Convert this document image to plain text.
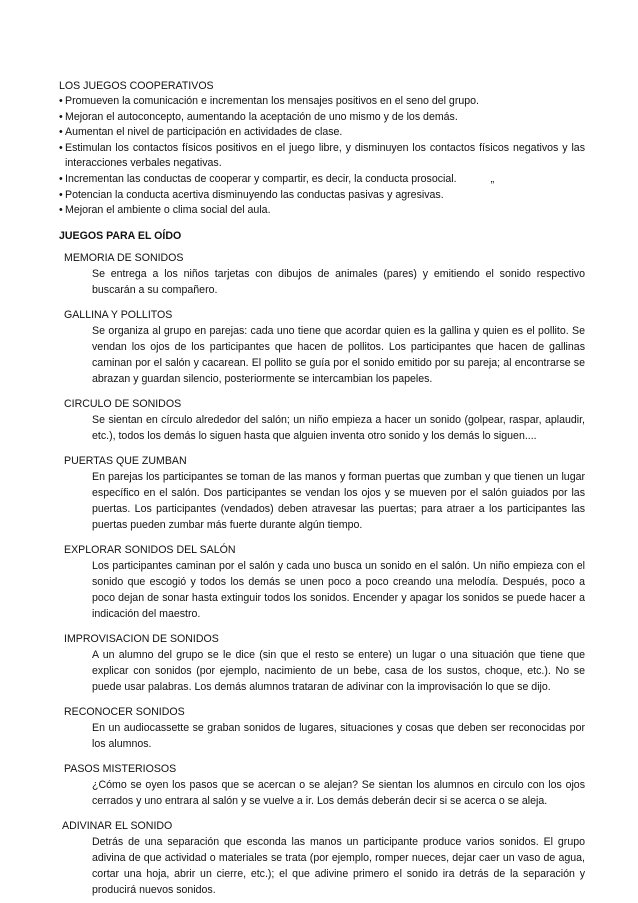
LOS JUEGOS COOPERATIVOS

• Promueven la comunicación e incrementan los mensajes positivos en el seno del grupo.
• Mejoran el autoconcepto, aumentando la aceptación de uno mismo y de los demás.
• Aumentan el nivel de participación en actividades de clase.
• Estimulan los contactos físicos positivos en el juego libre, y disminuyen los contactos físicos negativos y las interacciones verbales negativas.
• Incrementan las conductas de cooperar y compartir, es decir, la conducta prosocial.	„
• Potencian la conducta acertiva disminuyendo las conductas pasivas y agresivas.
• Mejoran el ambiente o clima social del aula.
JUEGOS PARA EL OÍDO

MEMORIA DE SONIDOS

Se entrega a los niños tarjetas con dibujos de animales (pares) y emitiendo el sonido respectivo buscarán a su compañero.

GALLINA Y POLLITOS

Se organiza al grupo en parejas: cada uno tiene que acordar quien es la gallina y quien es el pollito. Se vendan los ojos de los participantes que hacen de pollitos. Los participantes que hacen de gallinas caminan por el salón y cacarean. El pollito se guía por el sonido emitido por su pareja; al encontrarse se abrazan y guardan silencio, posteriormente se intercambian los papeles.

CIRCULO DE SONIDOS

Se sientan en círculo alrededor del salón; un niño empieza a hacer un sonido (golpear, raspar, aplaudir, etc.), todos los demás lo siguen hasta que alguien inventa otro sonido y los demás lo siguen....

PUERTAS QUE ZUMBAN

En parejas los participantes se toman de las manos y forman puertas que zumban y que tienen un lugar específico en el salón. Dos participantes se vendan los ojos y se mueven por el salón guiados por las puertas. Los participantes (vendados) deben atravesar las puertas; para atraer a los participantes las puertas pueden zumbar más fuerte durante algún tiempo.

EXPLORAR SONIDOS DEL SALÓN

Los participantes caminan por el salón y cada uno busca un sonido en el salón. Un niño empieza con el sonido que escogió y todos los demás se unen poco a poco creando una melodía. Después, poco a poco dejan de sonar hasta extinguir todos los sonidos. Encender y apagar los sonidos se puede hacer a indicación del maestro.

IMPROVISACION DE SONIDOS

A un alumno del grupo se le dice (sin que el resto se entere) un lugar o una situación que tiene que explicar con sonidos (por ejemplo, nacimiento de un bebe, casa de los sustos, choque, etc.). No se puede usar palabras. Los demás alumnos trataran de adivinar con la improvisación lo que se dijo.

RECONOCER SONIDOS

En un audiocassette se graban sonidos de lugares, situaciones y cosas que deben ser reconocidas por los alumnos.

PASOS MISTERIOSOS

¿Cómo se oyen los pasos que se acercan o se alejan? Se sientan los alumnos en circulo con los ojos cerrados y uno entrara al salón y se vuelve a ir. Los demás deberán decir si se acerca o se aleja.

ADIVINAR EL SONIDO

Detrás de una separación que esconda las manos un participante produce varios sonidos. El grupo adivina de que actividad o materiales se trata (por ejemplo, romper nueces, dejar caer un vaso de agua, cortar una hoja, abrir un cierre, etc.); el que adivine primero el sonido ira detrás de la separación y producirá nuevos sonidos.
